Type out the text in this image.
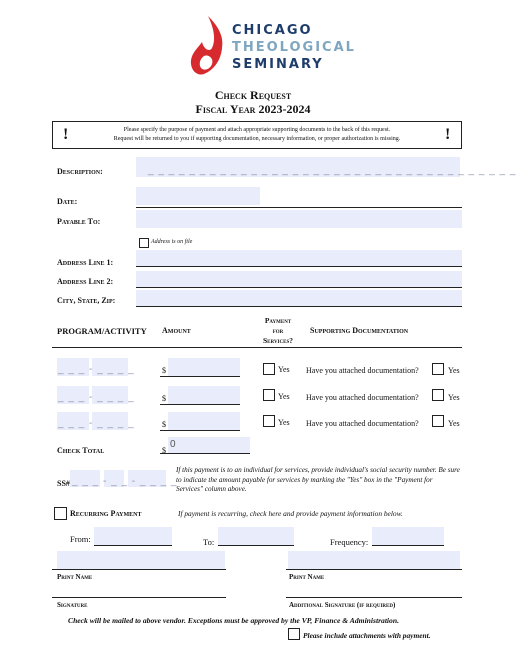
CHICAGO
THEOLOGICAL
SEMINARY
Check Request
Fiscal Year 2023-2024
!	Please specify the purpose of payment and attach appropriate supporting documents to the back of this request.
Request will be returned to you if supporting documentation, necessary information, or proper authorization is missing.	!
Description:	_ _ _ _ _ _ _ _ _ _ _ _ _ _ _ _ _ _ _ _ _ _ _ _ _ _ _ _ _ _ _ _ _ _ _ _
Date:
Payable To:
Address is on file
Address Line 1:
Address Line 2:
City, State, Zip:
PROGRAM/ACTIVITY Amount
Payment
for
Services?
Supporting Documentation
_ _ _ - _ _ _ _	$	Yes Have you attached documentation?	Yes
_ _ _ - _ _ _ _	$	Yes Have you attached documentation?	Yes
_ _ _ - _ _ _ _	$	Yes Have you attached documentation?	Yes
Check Total	$
0
SS# _ _ _ - _ _ - _ _ _ _
If this payment is to an individual for services, provide individual's social security number. Be sure to indicate the amount payable for services by marking the "Yes" box in the "Payment for Services" column above.
Recurring Payment	If payment is recurring, check here and provide payment information below.
From:	To:	Frequency:
Print Name	Print Name
Signature	Additional Signature (if required)
Check will be mailed to above vendor. Exceptions must be approved by the VP, Finance & Administration.
Please include attachments with payment.
